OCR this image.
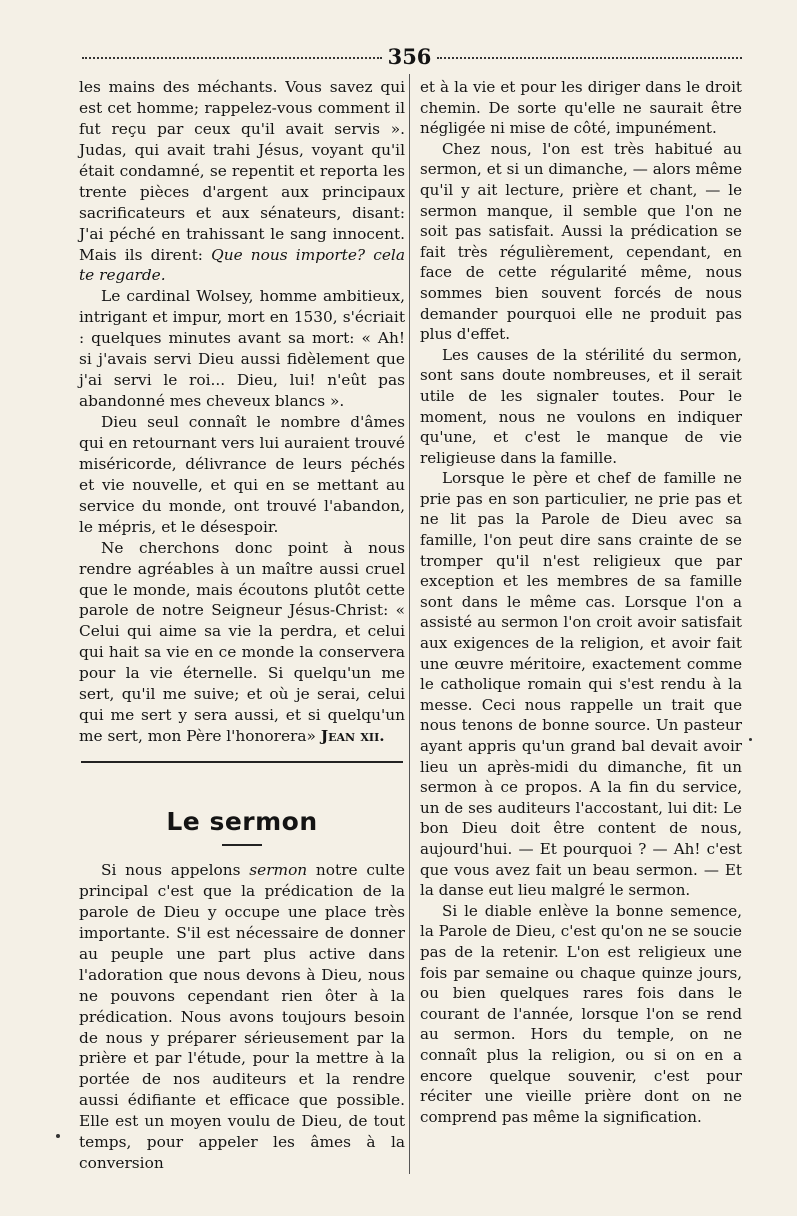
356

les mains des méchants. Vous savez qui est cet homme; rappelez-vous comment il fut reçu par ceux qu'il avait servis ». Judas, qui avait trahi Jésus, voyant qu'il était condamné, se repentit et reporta les trente pièces d'argent aux principaux sacrificateurs et aux sénateurs, disant: J'ai péché en trahissant le sang innocent. Mais ils dirent: Que nous importe? cela te regarde.

Le cardinal Wolsey, homme ambitieux, intrigant et impur, mort en 1530, s'écriait : quelques minutes avant sa mort: « Ah! si j'avais servi Dieu aussi fidèlement que j'ai servi le roi... Dieu, lui! n'eût pas abandonné mes cheveux blancs ».

Dieu seul connaît le nombre d'âmes qui en retournant vers lui auraient trouvé miséricorde, délivrance de leurs péchés et vie nouvelle, et qui en se mettant au service du monde, ont trouvé l'abandon, le mépris, et le désespoir.

Ne cherchons donc point à nous rendre agréables à un maître aussi cruel que le monde, mais écoutons plutôt cette parole de notre Seigneur Jésus-Christ: « Celui qui aime sa vie la perdra, et celui qui hait sa vie en ce monde la conservera pour la vie éternelle. Si quelqu'un me sert, qu'il me suive; et où je serai, celui qui me sert y sera aussi, et si quelqu'un me sert, mon Père l'honorera» Jean xii.

Le sermon

Si nous appelons sermon notre culte principal c'est que la prédication de la parole de Dieu y occupe une place très importante. S'il est nécessaire de donner au peuple une part plus active dans l'adoration que nous devons à Dieu, nous ne pouvons cependant rien ôter à la prédication. Nous avons toujours besoin de nous y préparer sérieusement par la prière et par l'étude, pour la mettre à la portée de nos auditeurs et la rendre aussi édifiante et efficace que possible. Elle est un moyen voulu de Dieu, de tout temps, pour appeler les âmes à la conversion

et à la vie et pour les diriger dans le droit chemin. De sorte qu'elle ne saurait être négligée ni mise de côté, impunément.

Chez nous, l'on est très habitué au sermon, et si un dimanche, — alors même qu'il y ait lecture, prière et chant, — le sermon manque, il semble que l'on ne soit pas satisfait. Aussi la prédication se fait très régulièrement, cependant, en face de cette régularité même, nous sommes bien souvent forcés de nous demander pourquoi elle ne produit pas plus d'effet.

Les causes de la stérilité du sermon, sont sans doute nombreuses, et il serait utile de les signaler toutes. Pour le moment, nous ne voulons en indiquer qu'une, et c'est le manque de vie religieuse dans la famille.

Lorsque le père et chef de famille ne prie pas en son particulier, ne prie pas et ne lit pas la Parole de Dieu avec sa famille, l'on peut dire sans crainte de se tromper qu'il n'est religieux que par exception et les membres de sa famille sont dans le même cas. Lorsque l'on a assisté au sermon l'on croit avoir satisfait aux exigences de la religion, et avoir fait une œuvre méritoire, exactement comme le catholique romain qui s'est rendu à la messe. Ceci nous rappelle un trait que nous tenons de bonne source. Un pasteur ayant appris qu'un grand bal devait avoir lieu un après-midi du dimanche, fit un sermon à ce propos. A la fin du service, un de ses auditeurs l'accostant, lui dit: Le bon Dieu doit être content de nous, aujourd'hui. — Et pourquoi ? — Ah! c'est que vous avez fait un beau sermon. — Et la danse eut lieu malgré le sermon.

Si le diable enlève la bonne semence, la Parole de Dieu, c'est qu'on ne se soucie pas de la retenir. L'on est religieux une fois par semaine ou chaque quinze jours, ou bien quelques rares fois dans le courant de l'année, lorsque l'on se rend au sermon. Hors du temple, on ne connaît plus la religion, ou si on en a encore quelque souvenir, c'est pour réciter une vieille prière dont on ne comprend pas même la signification.
